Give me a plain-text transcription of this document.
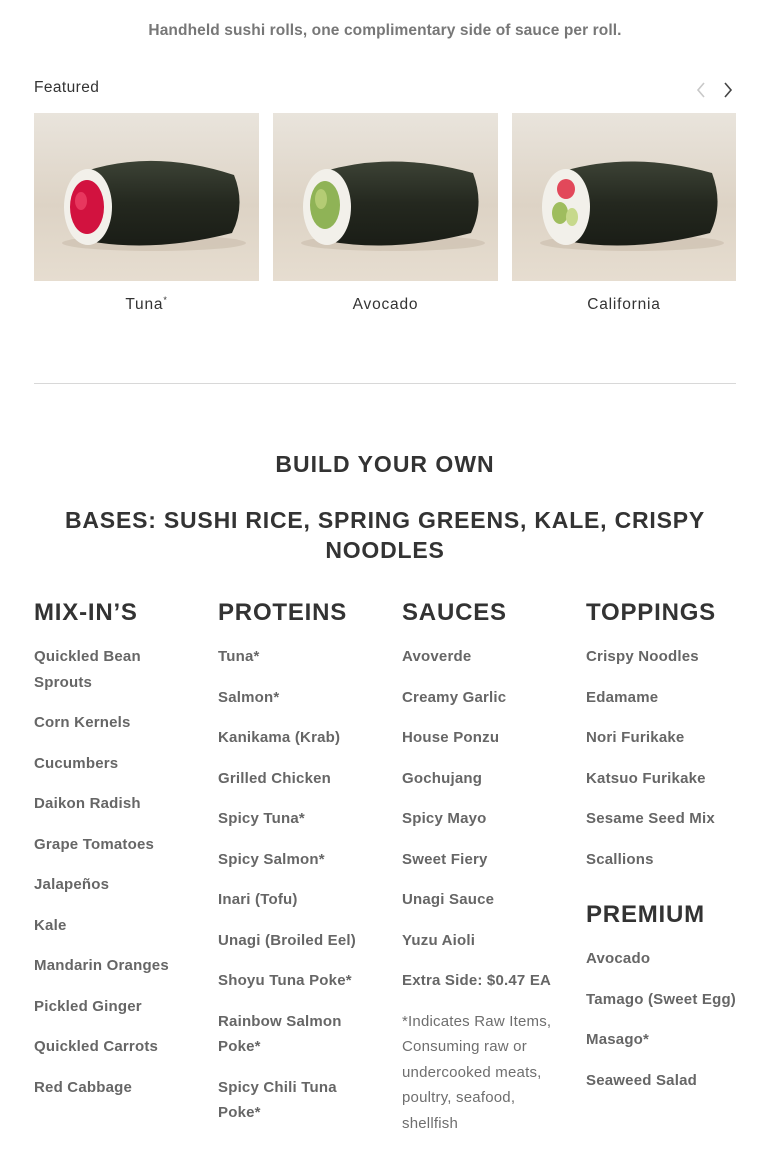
Handheld sushi rolls, one complimentary side of sauce per roll.
Featured
Tuna*	Avocado	California
BUILD YOUR OWN
BASES: SUSHI RICE, SPRING GREENS, KALE, CRISPY NOODLES
MIX-IN’S
Quickled Bean Sprouts
Corn Kernels
Cucumbers
Daikon Radish
Grape Tomatoes
Jalapeños
Kale
Mandarin Oranges
Pickled Ginger
Quickled Carrots
Red Cabbage
PROTEINS
Tuna*
Salmon*
Kanikama (Krab)
Grilled Chicken
Spicy Tuna*
Spicy Salmon*
Inari (Tofu)
Unagi (Broiled Eel)
Shoyu Tuna Poke*
Rainbow Salmon Poke*
Spicy Chili Tuna Poke*
SAUCES
Avoverde
Creamy Garlic
House Ponzu
Gochujang
Spicy Mayo
Sweet Fiery
Unagi Sauce
Yuzu Aioli
Extra Side: $0.47 EA
*Indicates Raw Items, Consuming raw or undercooked meats, poultry, seafood, shellfish
TOPPINGS
Crispy Noodles
Edamame
Nori Furikake
Katsuo Furikake
Sesame Seed Mix
Scallions
PREMIUM
Avocado
Tamago (Sweet Egg)
Masago*
Seaweed Salad
